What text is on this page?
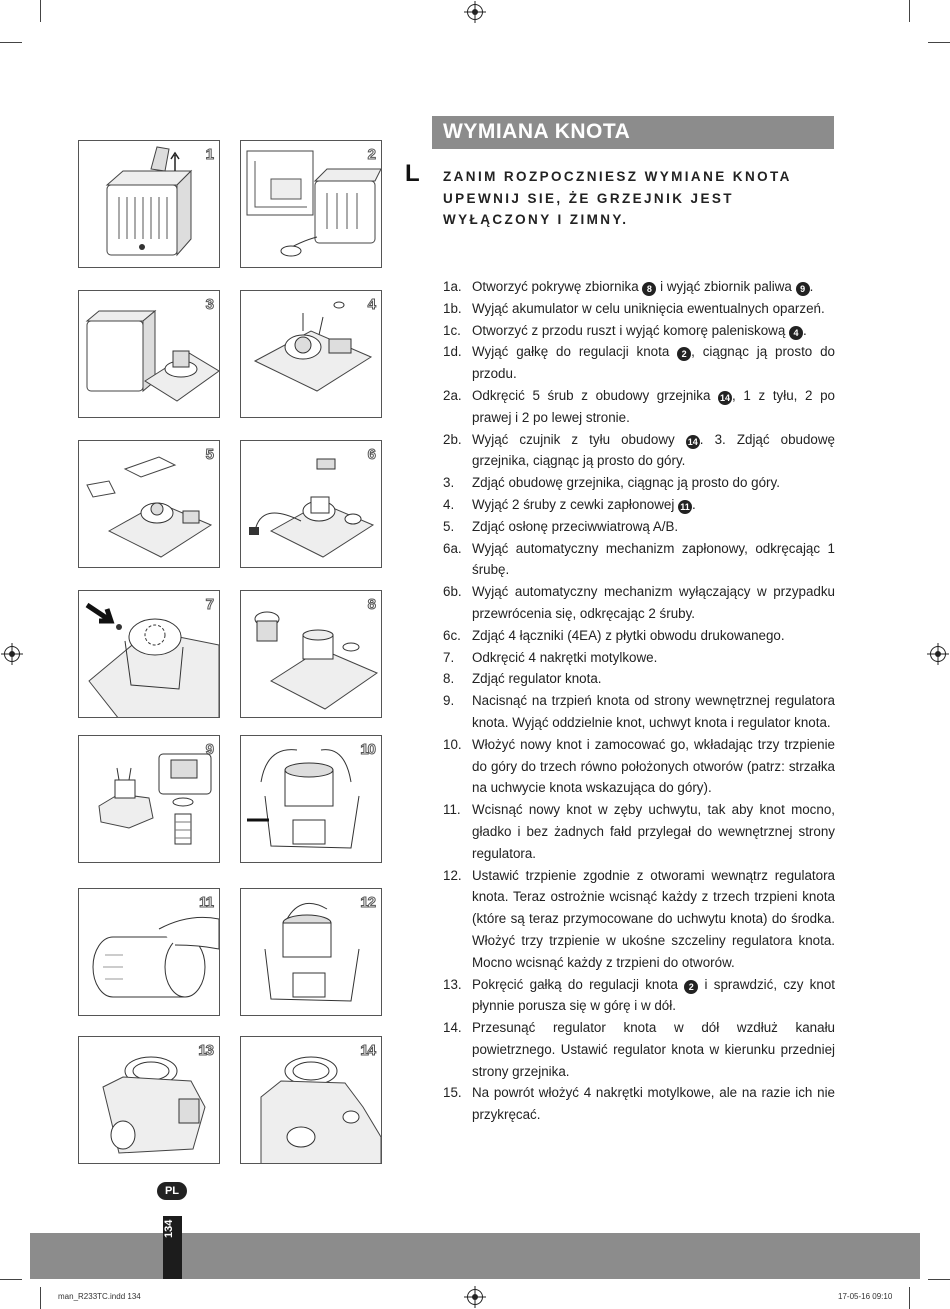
1	2
3	4
5	6
7	8
9	10
11	12
13	14
WYMIANA KNOTA
L ZANIM ROZPOCZNIESZ WYMIANE KNOTA UPEWNIJ SIE, ŻE GRZEJNIK JEST WYŁĄCZONY I ZIMNY.
1a. Otworzyć pokrywę zbiornika 8 i wyjąć zbiornik paliwa 9 .
1b. Wyjąć akumulator w celu uniknięcia ewentualnych oparzeń.
1c. Otworzyć z przodu ruszt i wyjąć komorę paleniskową 4 .
1d. Wyjąć gałkę do regulacji knota 2 , ciągnąc ją prosto do przodu.
2a. Odkręcić 5 śrub z obudowy grzejnika 14 , 1 z tyłu, 2 po prawej i 2 po lewej stronie.
2b. Wyjąć czujnik z tyłu obudowy 14 . 3. Zdjąć obudowę grzejnika, ciągnąc ją prosto do góry.
3.	Zdjąć obudowę grzejnika, ciągnąc ją prosto do góry.
4.	Wyjąć 2 śruby z cewki zapłonowej 11 .
5.	Zdjąć osłonę przeciwwiatrową A/B.
6a. Wyjąć automatyczny mechanizm zapłonowy, odkręcając 1 śrubę.
6b. Wyjąć automatyczny mechanizm wyłączający w przypadku przewrócenia się, odkręcając 2 śruby.
6c. Zdjąć 4 łączniki (4EA) z płytki obwodu drukowanego.
7.	Odkręcić 4 nakrętki motylkowe.
8.	Zdjąć regulator knota.
9.	Nacisnąć na trzpień knota od strony wewnętrznej regulatora knota. Wyjąć oddzielnie knot, uchwyt knota i regulator knota.
10. Włożyć nowy knot i zamocować go, wkładając trzy trzpienie do góry do trzech równo położonych otworów (patrz: strzałka na uchwycie knota wskazująca do góry).
11. Wcisnąć nowy knot w zęby uchwytu, tak aby knot mocno, gładko i bez żadnych fałd przylegał do wewnętrznej strony regulatora.
12. Ustawić trzpienie zgodnie z otworami wewnątrz regulatora knota. Teraz ostrożnie wcisnąć każdy z trzech trzpieni knota (które są teraz przymocowane do uchwytu knota) do środka. Włożyć trzy trzpienie w ukośne szczeliny regulatora knota. Mocno wcisnąć każdy z trzpieni do otworów.
13. Pokręcić gałką do regulacji knota 2 i sprawdzić, czy knot płynnie porusza się w górę i w dół.
14. Przesunąć regulator knota w dół wzdłuż kanału powietrznego. Ustawić regulator knota w kierunku przedniej strony grzejnika.
15. Na powrót włożyć 4 nakrętki motylkowe, ale na razie ich nie przykręcać.
PL
134
man_R233TC.indd 134	17-05-16 09:10
